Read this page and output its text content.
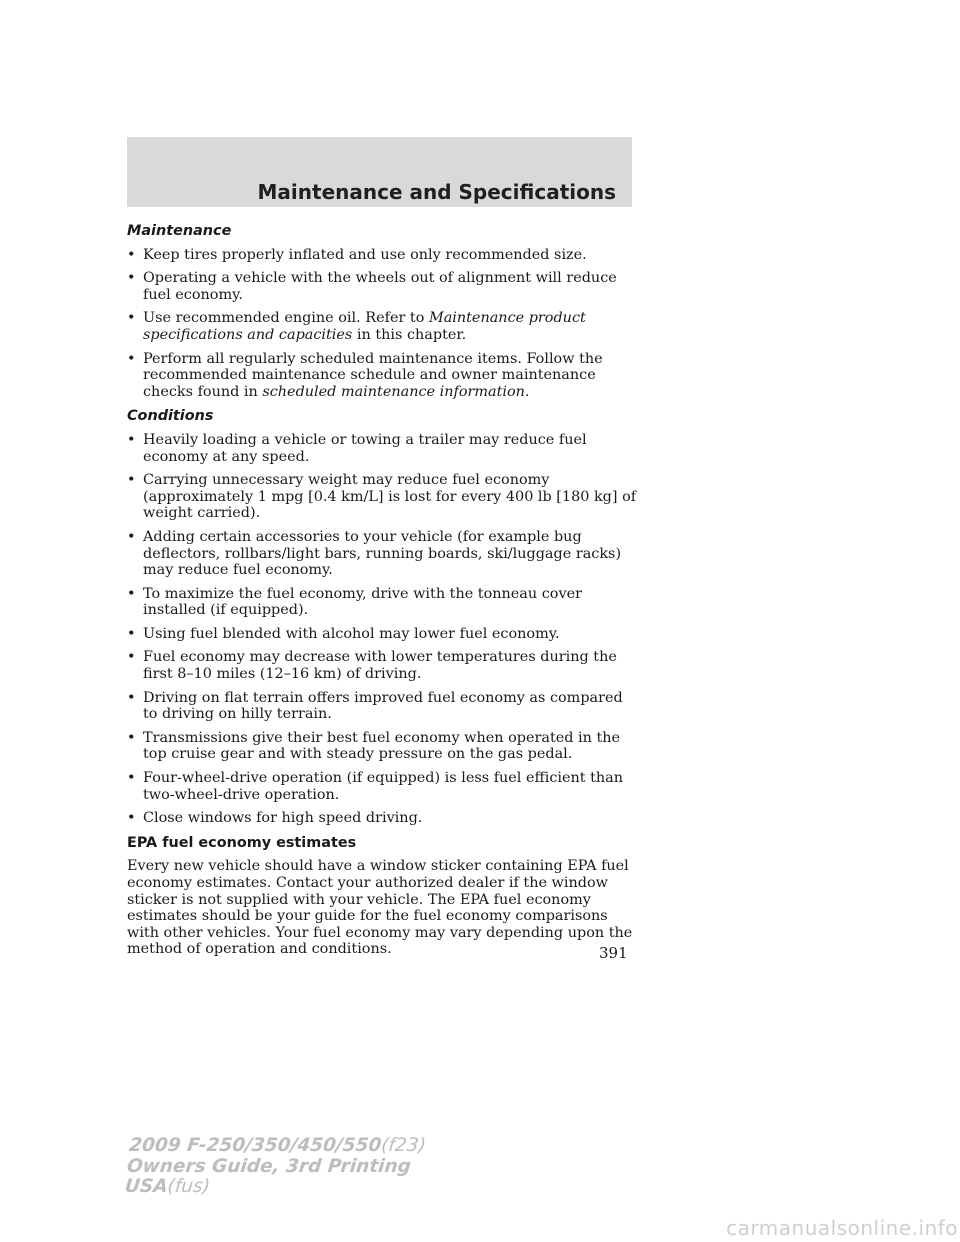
Maintenance and Specifications
Maintenance
• Keep tires properly inflated and use only recommended size.
• Operating a vehicle with the wheels out of alignment will reduce fuel economy.
• Use recommended engine oil. Refer to Maintenance product specifications and capacities in this chapter.
• Perform all regularly scheduled maintenance items. Follow the recommended maintenance schedule and owner maintenance checks found in scheduled maintenance information.
Conditions
• Heavily loading a vehicle or towing a trailer may reduce fuel economy at any speed.
• Carrying unnecessary weight may reduce fuel economy (approximately 1 mpg [0.4 km/L] is lost for every 400 lb [180 kg] of weight carried).
• Adding certain accessories to your vehicle (for example bug deflectors, rollbars/light bars, running boards, ski/luggage racks) may reduce fuel economy.
• To maximize the fuel economy, drive with the tonneau cover installed (if equipped).
• Using fuel blended with alcohol may lower fuel economy.
• Fuel economy may decrease with lower temperatures during the first 8–10 miles (12–16 km) of driving.
• Driving on flat terrain offers improved fuel economy as compared to driving on hilly terrain.
• Transmissions give their best fuel economy when operated in the top cruise gear and with steady pressure on the gas pedal.
• Four-wheel-drive operation (if equipped) is less fuel efficient than two-wheel-drive operation.
• Close windows for high speed driving.
EPA fuel economy estimates

Every new vehicle should have a window sticker containing EPA fuel economy estimates. Contact your authorized dealer if the window sticker is not supplied with your vehicle. The EPA fuel economy estimates should be your guide for the fuel economy comparisons with other vehicles. Your fuel economy may vary depending upon the method of operation and conditions.	391
2009 F-250/350/450/550(f23)
Owners Guide, 3rd Printing
USA(fus)
carmanualsonline.info
